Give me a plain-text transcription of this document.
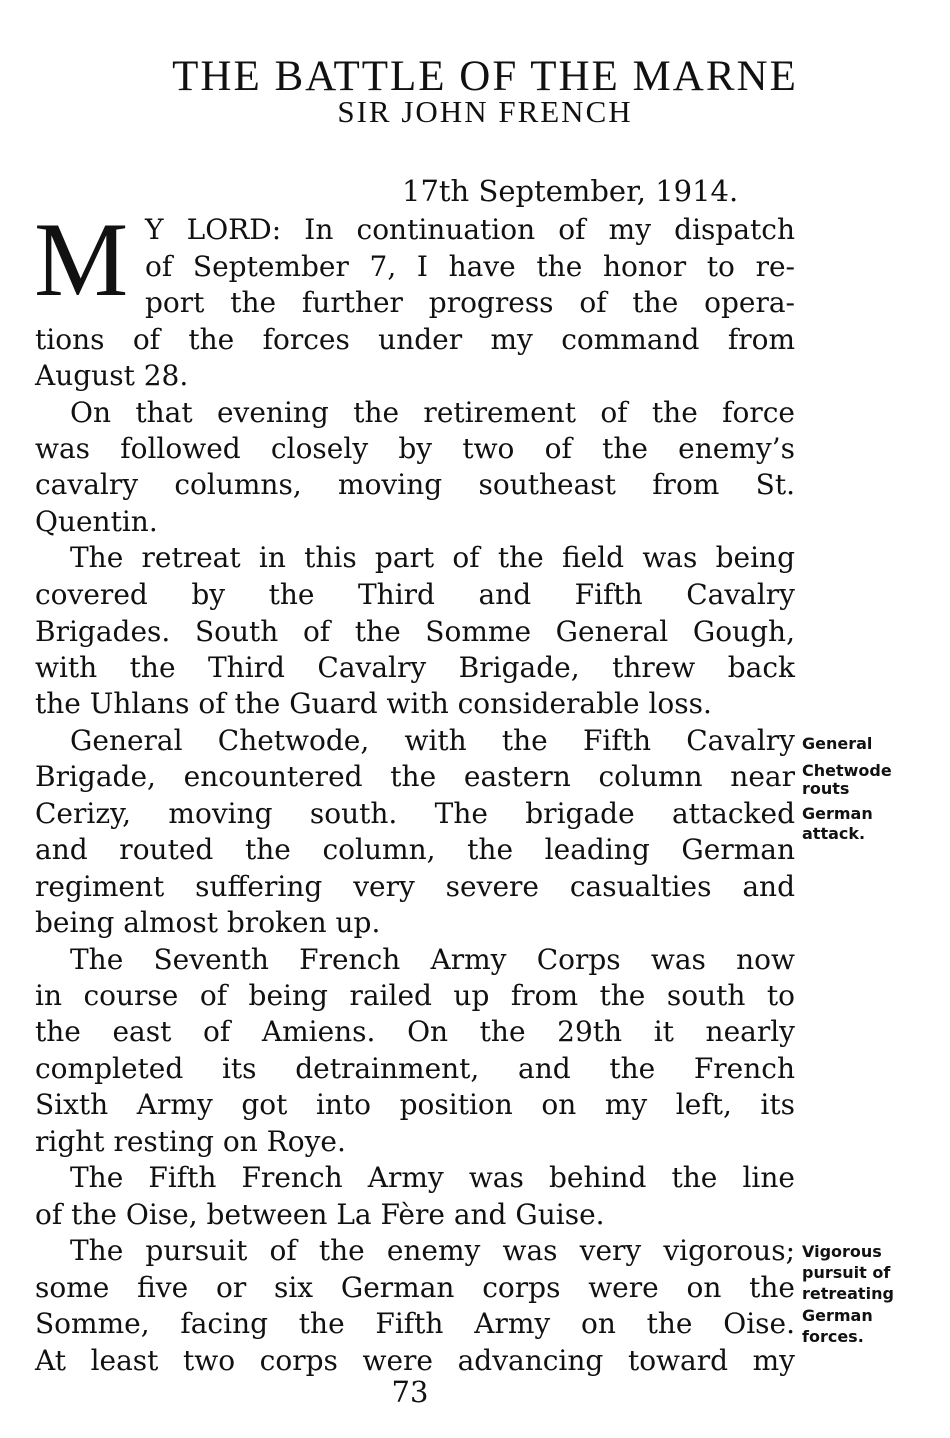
THE BATTLE OF THE MARNE
SIR JOHN FRENCH
17th September, 1914.
M Y LORD: In continuation of my dispatch
of September 7, I have the honor to re-
port the further progress of the opera-
tions of the forces under my command from
August 28.
On that evening the retirement of the force
was followed closely by two of the enemy’s
cavalry columns, moving southeast from St.
Quentin.
The retreat in this part of the field was being
covered by the Third and Fifth Cavalry
Brigades. South of the Somme General Gough,
with the Third Cavalry Brigade, threw back
the Uhlans of the Guard with considerable loss.
General Chetwode, with the Fifth Cavalry
Brigade, encountered the eastern column near
Cerizy, moving south. The brigade attacked
and routed the column, the leading German
regiment suffering very severe casualties and
being almost broken up.
The Seventh French Army Corps was now
in course of being railed up from the south to
the east of Amiens. On the 29th it nearly
completed its detrainment, and the French
Sixth Army got into position on my left, its
right resting on Roye.
The Fifth French Army was behind the line
of the Oise, between La Fère and Guise.
The pursuit of the enemy was very vigorous;
some five or six German corps were on the
Somme, facing the Fifth Army on the Oise.
At least two corps were advancing toward my
General
Chetwode
routs
German
attack.
Vigorous
pursuit of
retreating
German
forces.
73
